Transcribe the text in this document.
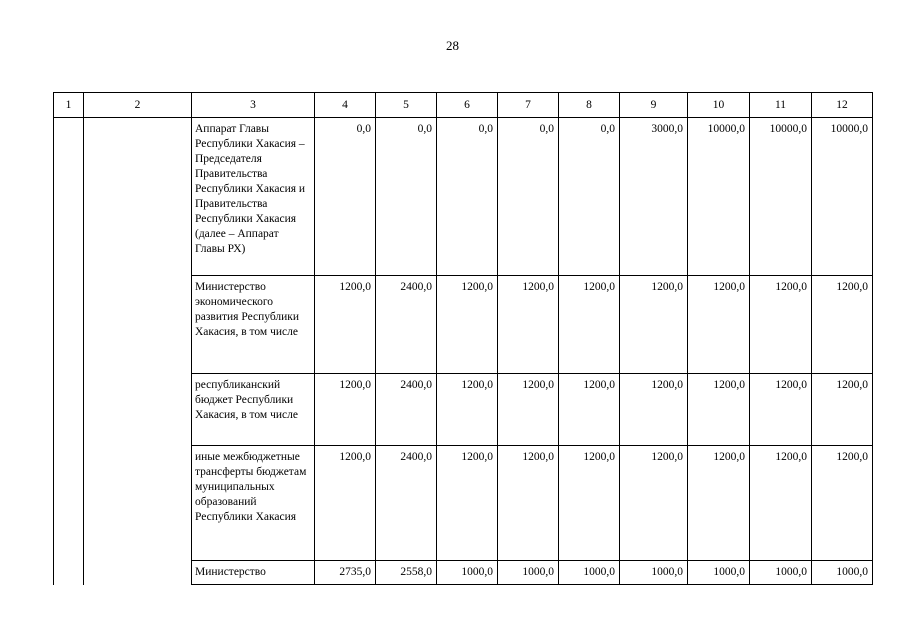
28
1	2	3	4	5	6	7	8	9	10	11	12
		Аппарат Главы Республики Хакасия – Председателя Правительства Республики Хакасия и Правительства Республики Хакасия (далее – Аппарат Главы РХ)	0,0	0,0	0,0	0,0	0,0	3000,0	10000,0	10000,0	10000,0
		Министерство экономического развития Республики Хакасия, в том числе	1200,0	2400,0	1200,0	1200,0	1200,0	1200,0	1200,0	1200,0	1200,0
		республиканский бюджет Республики Хакасия, в том числе	1200,0	2400,0	1200,0	1200,0	1200,0	1200,0	1200,0	1200,0	1200,0
		иные межбюджетные трансферты бюджетам муниципальных образований Республики Хакасия	1200,0	2400,0	1200,0	1200,0	1200,0	1200,0	1200,0	1200,0	1200,0
		Министерство	2735,0	2558,0	1000,0	1000,0	1000,0	1000,0	1000,0	1000,0	1000,0
